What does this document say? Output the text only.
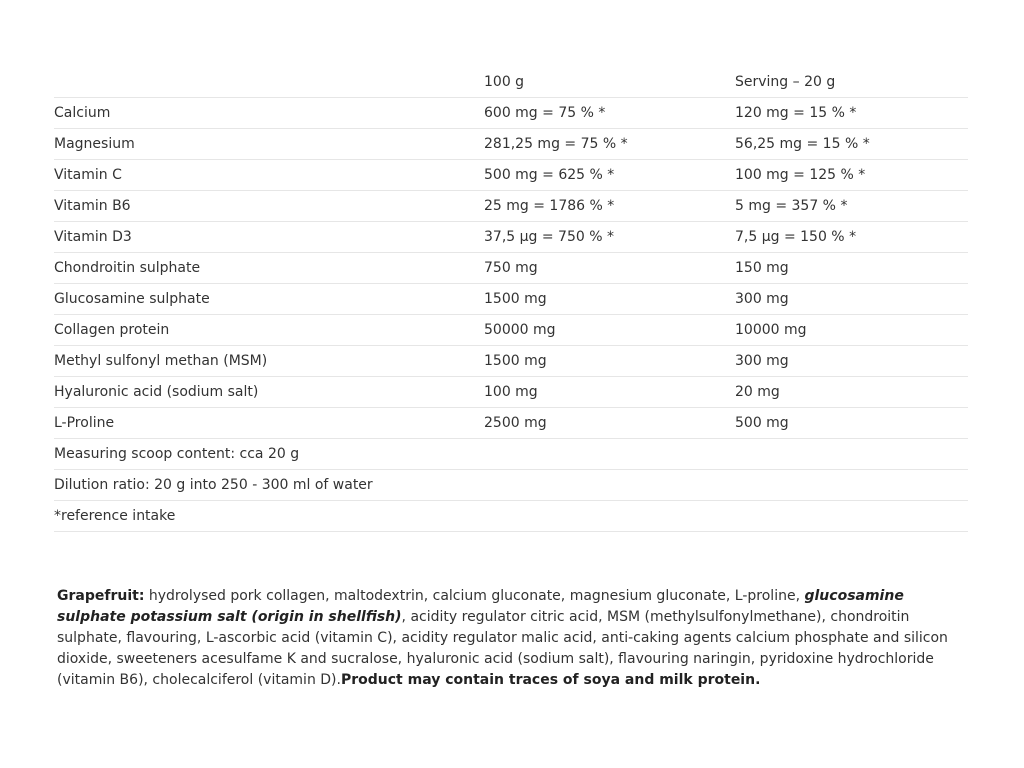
	100 g	Serving – 20 g
Calcium	600 mg = 75 % *	120 mg = 15 % *
Magnesium	281,25 mg = 75 % *	56,25 mg = 15 % *
Vitamin C	500 mg = 625 % *	100 mg = 125 % *
Vitamin B6	25 mg = 1786 % *	5 mg = 357 % *
Vitamin D3	37,5 µg = 750 % *	7,5 µg = 150 % *
Chondroitin sulphate	750 mg	150 mg
Glucosamine sulphate	1500 mg	300 mg
Collagen protein	50000 mg	10000 mg
Methyl sulfonyl methan (MSM)	1500 mg	300 mg
Hyaluronic acid (sodium salt)	100 mg	20 mg
L-Proline	2500 mg	500 mg
Measuring scoop content: cca 20 g		
Dilution ratio: 20 g into 250 - 300 ml of water		
*reference intake		

Grapefruit: hydrolysed pork collagen, maltodextrin, calcium gluconate, magnesium gluconate, L-proline, glucosamine sulphate potassium salt (origin in shellfish), acidity regulator citric acid, MSM (methylsulfonylmethane), chondroitin sulphate, flavouring, L-ascorbic acid (vitamin C), acidity regulator malic acid, anti-caking agents calcium phosphate and silicon dioxide, sweeteners acesulfame K and sucralose, hyaluronic acid (sodium salt), flavouring naringin, pyridoxine hydrochloride (vitamin B6), cholecalciferol (vitamin D).Product may contain traces of soya and milk protein.
